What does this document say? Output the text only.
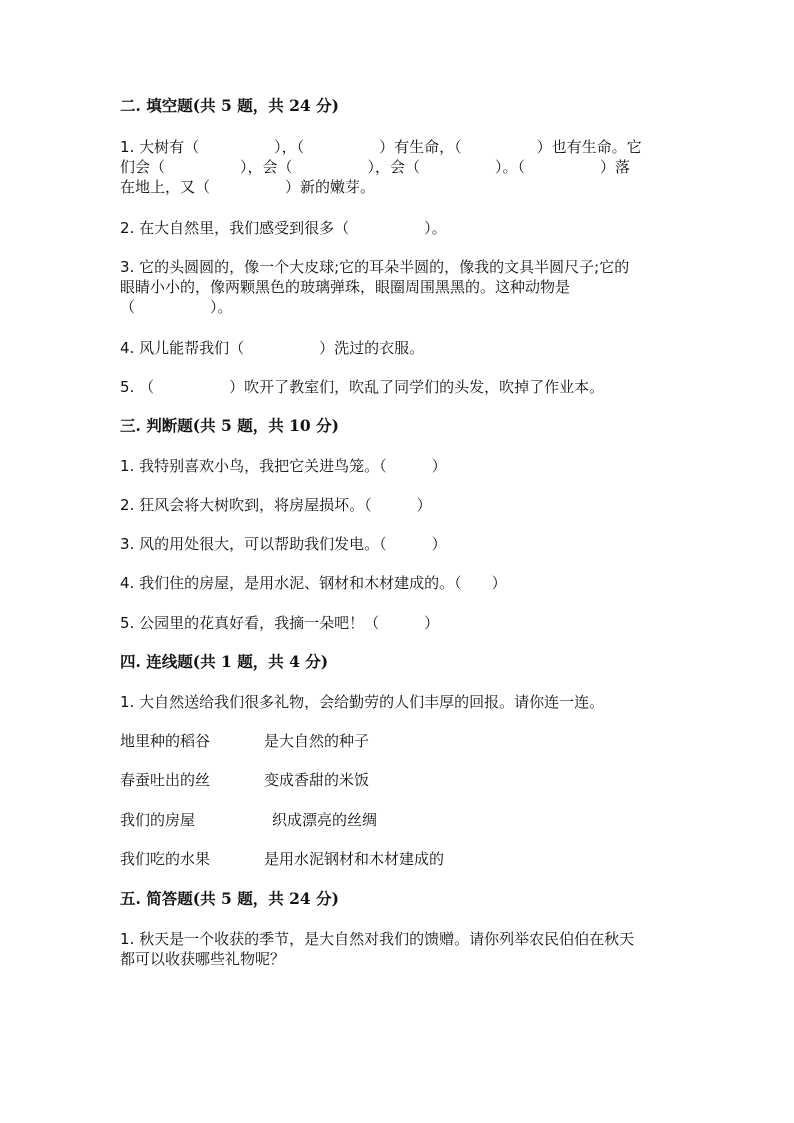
二. 填空题(共 5 题，共 24 分)
1. 大树有（　　　　　），（　　　　　）有生命，（　　　　　）也有生命。它
们会（　　　　　），会（　　　　　），会（　　　　　）。（　　　　　）落
在地上，又（　　　　　）新的嫩芽。
2. 在大自然里，我们感受到很多（　　　　　）。
3. 它的头圆圆的，像一个大皮球;它的耳朵半圆的，像我的文具半圆尺子;它的
眼睛小小的，像两颗黑色的玻璃弹珠，眼圈周围黑黑的。这种动物是
（　　　　　）。
4. 风儿能帮我们（　　　　　）洗过的衣服。
5. （　　　　　）吹开了教室们，吹乱了同学们的头发，吹掉了作业本。
三. 判断题(共 5 题，共 10 分)
1. 我特别喜欢小鸟，我把它关进鸟笼。（　　　）
2. 狂风会将大树吹到，将房屋损坏。（　　　）
3. 风的用处很大，可以帮助我们发电。（　　　）
4. 我们住的房屋，是用水泥、钢材和木材建成的。（　　）
5. 公园里的花真好看，我摘一朵吧！（　　　）
四. 连线题(共 1 题，共 4 分)
1. 大自然送给我们很多礼物，会给勤劳的人们丰厚的回报。请你连一连。
地里种的稻谷	是大自然的种子
春蚕吐出的丝	变成香甜的米饭
我们的房屋	织成漂亮的丝绸
我们吃的水果	是用水泥钢材和木材建成的
五. 简答题(共 5 题，共 24 分)
1. 秋天是一个收获的季节，是大自然对我们的馈赠。请你列举农民伯伯在秋天
都可以收获哪些礼物呢？
